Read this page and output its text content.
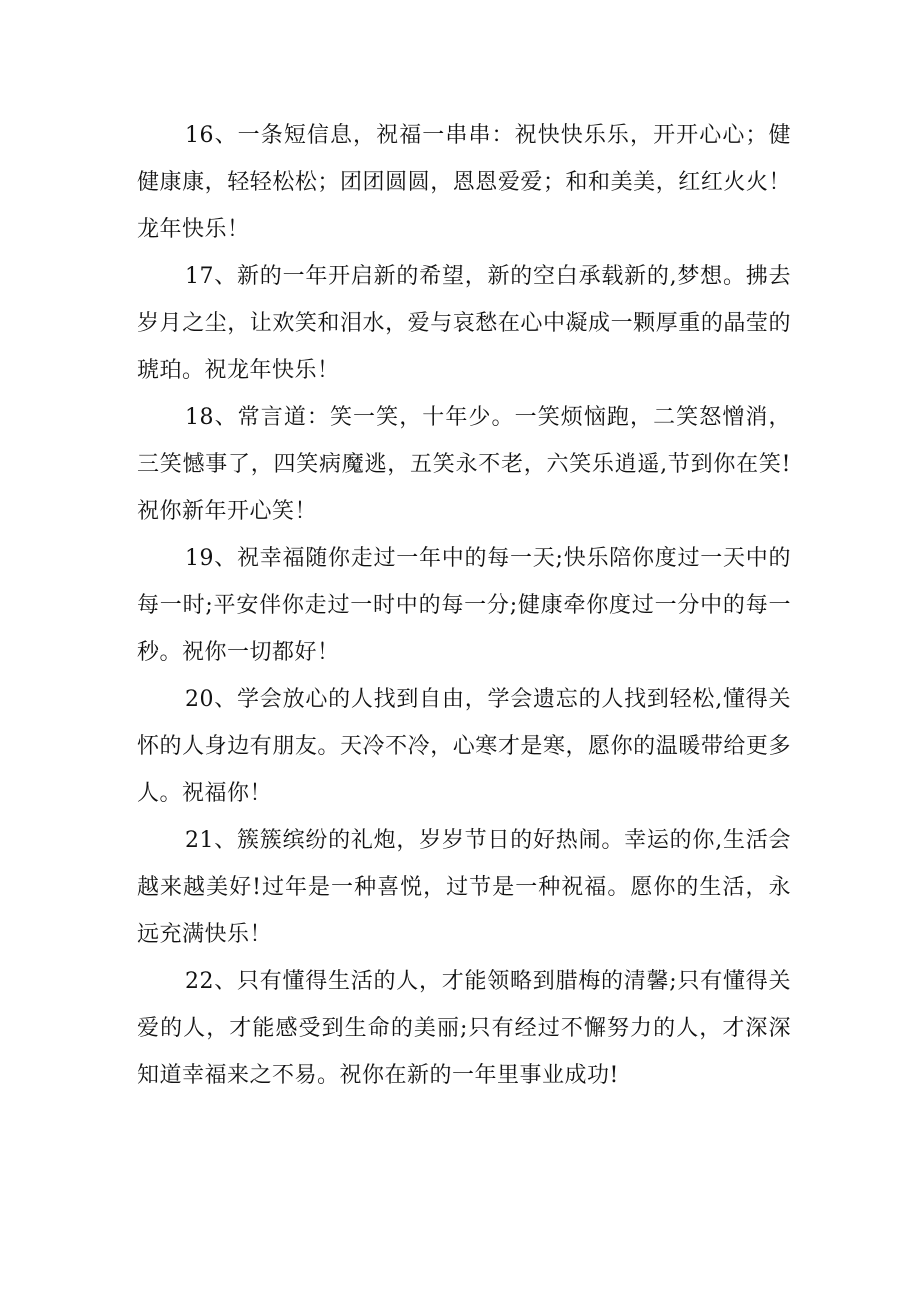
16、一条短信息，祝福一串串：祝快快乐乐，开开心心；健健康康，轻轻松松；团团圆圆，恩恩爱爱；和和美美，红红火火！龙年快乐！

17、新的一年开启新的希望，新的空白承载新的,梦想。拂去岁月之尘，让欢笑和泪水，爱与哀愁在心中凝成一颗厚重的晶莹的琥珀。祝龙年快乐！

18、常言道：笑一笑，十年少。一笑烦恼跑，二笑怒憎消，三笑憾事了，四笑病魔逃，五笑永不老，六笑乐逍遥,节到你在笑!祝你新年开心笑！

19、祝幸福随你走过一年中的每一天;快乐陪你度过一天中的每一时;平安伴你走过一时中的每一分;健康牵你度过一分中的每一秒。祝你一切都好！

20、学会放心的人找到自由，学会遗忘的人找到轻松,懂得关怀的人身边有朋友。天冷不冷，心寒才是寒，愿你的温暖带给更多人。祝福你！

21、簇簇缤纷的礼炮，岁岁节日的好热闹。幸运的你,生活会越来越美好!过年是一种喜悦，过节是一种祝福。愿你的生活，永远充满快乐！

22、只有懂得生活的人，才能领略到腊梅的清馨;只有懂得关爱的人，才能感受到生命的美丽;只有经过不懈努力的人，才深深知道幸福来之不易。祝你在新的一年里事业成功!
